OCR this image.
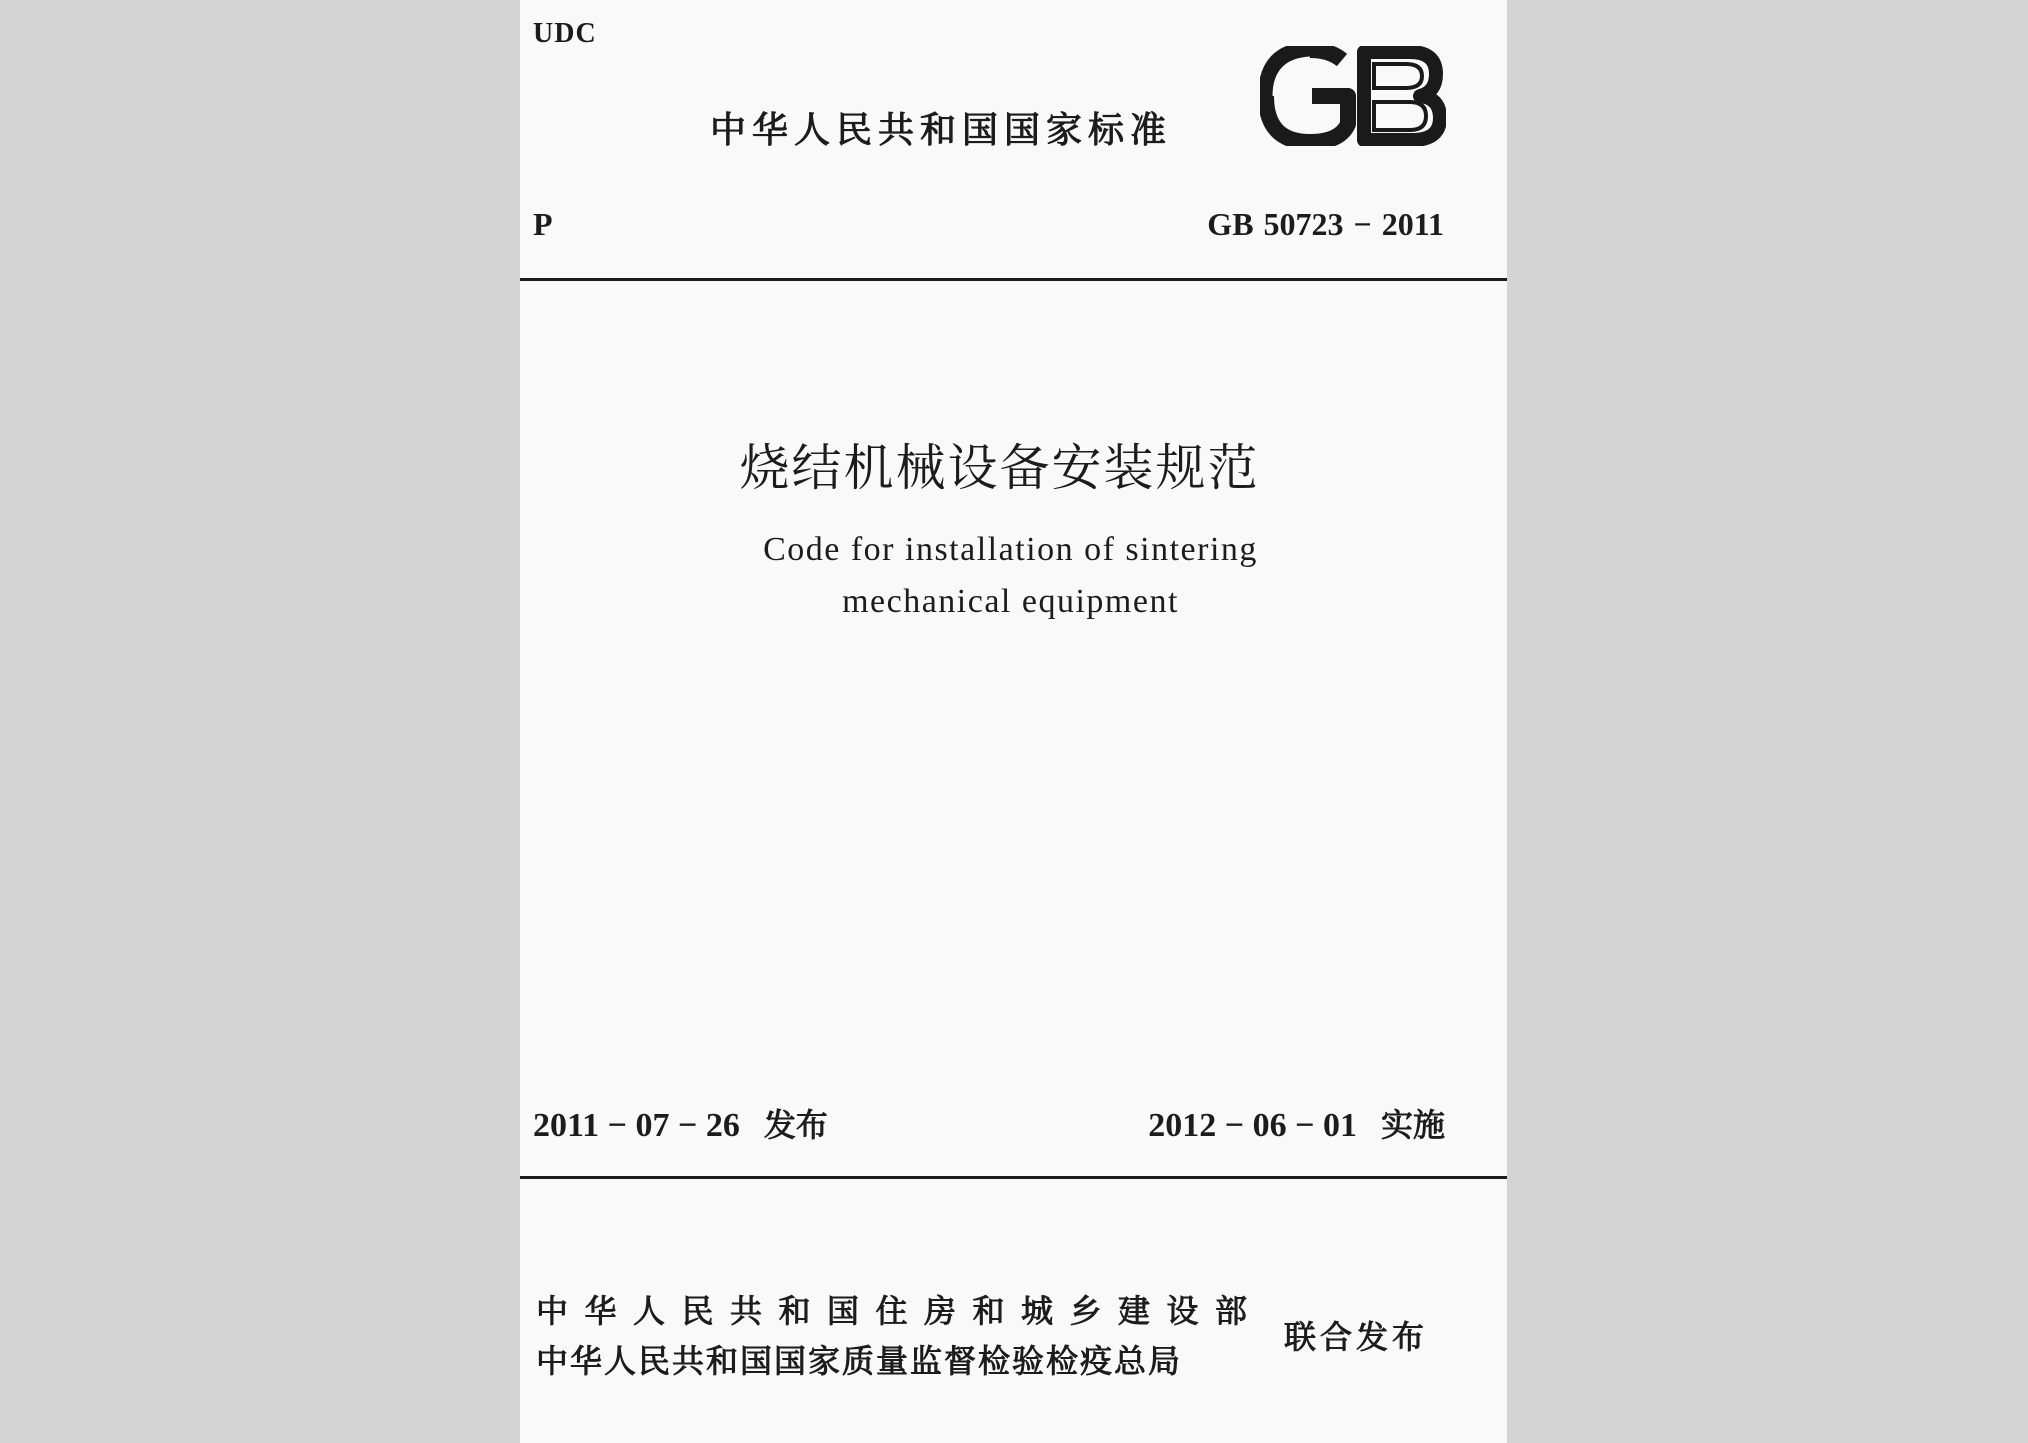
UDC
中华人民共和国国家标准
P	GB 50723 − 2011
烧结机械设备安装规范
Code for installation of sintering
mechanical equipment
2011 − 07 − 26 发布	2012 − 06 − 01 实施
中华人民共和国住房和城乡建设部
中华人民共和国国家质量监督检验检疫总局
联合发布
